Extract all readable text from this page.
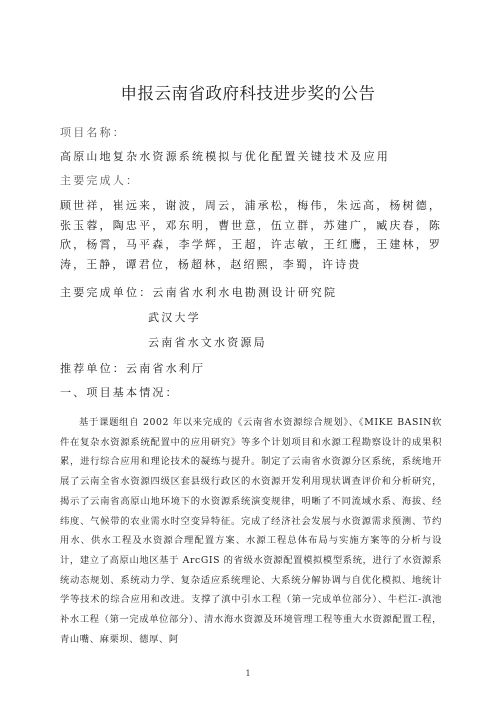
申报云南省政府科技进步奖的公告
项目名称：
高原山地复杂水资源系统模拟与优化配置关键技术及应用
主要完成人：
顾世祥，崔远来，谢波，周云，浦承松，梅伟，朱远高，杨树德，张玉蓉，陶忠平，邓东明，曹世意，伍立群，苏建广，臧庆春，陈欣，杨霄，马平森，李学辉，王超，许志敏，王红鹰，王建林，罗涛，王静，谭君位，杨超林，赵绍熙，李蜀，许诗贵
主要完成单位：云南省水利水电勘测设计研究院
武汉大学
云南省水文水资源局
推荐单位：云南省水利厅
一、项目基本情况：
基于课题组自 2002 年以来完成的《云南省水资源综合规划》、《MIKE BASIN软件在复杂水资源系统配置中的应用研究》等多个计划项目和水源工程勘察设计的成果积累，进行综合应用和理论技术的凝练与提升。制定了云南省水资源分区系统，系统地开展了云南全省水资源四级区套县级行政区的水资源开发利用现状调查评价和分析研究，揭示了云南省高原山地环境下的水资源系统演变规律，明晰了不同流域水系、海拔、经纬度、气候带的农业需水时空变异特征。完成了经济社会发展与水资源需求预测、节约用水、供水工程及水资源合理配置方案、水源工程总体布局与实施方案等的分析与设计，建立了高原山地区基于 ArcGIS 的省级水资源配置模拟模型系统，进行了水资源系统动态规划、系统动力学、复杂适应系统理论、大系统分解协调与自优化模拟、地统计学等技术的综合应用和改进。支撑了滇中引水工程（第一完成单位部分）、牛栏江-滇池补水工程（第一完成单位部分）、清水海水资源及环境管理工程等重大水资源配置工程，青山嘴、麻栗坝、德厚、阿
1
